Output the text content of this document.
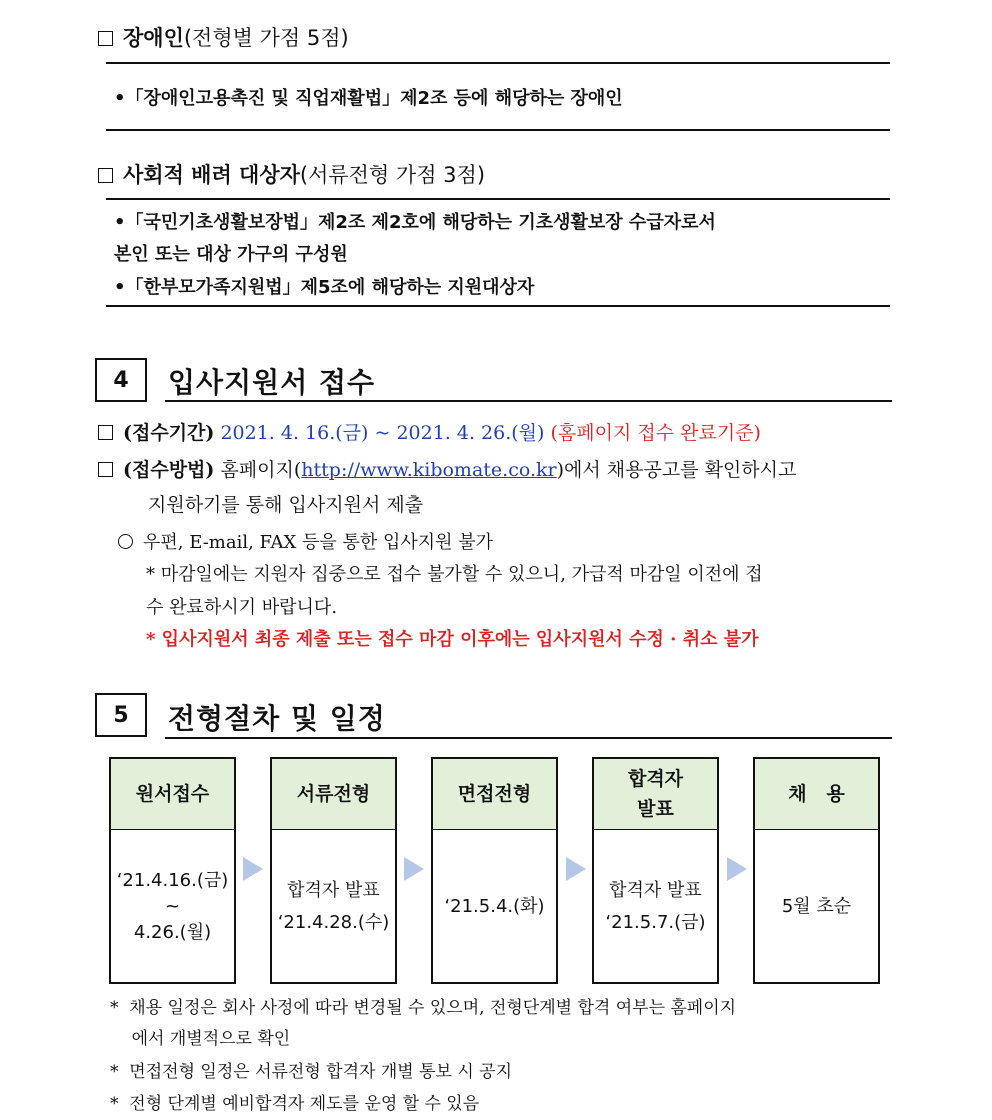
장애인(전형별 가점 5점)
•「장애인고용촉진 및 직업재활법」제2조 등에 해당하는 장애인
사회적 배려 대상자(서류전형 가점 3점)
•「국민기초생활보장법」제2조 제2호에 해당하는 기초생활보장 수급자로서
본인 또는 대상 가구의 구성원
•「한부모가족지원법」제5조에 해당하는 지원대상자
4	입사지원서 접수
(접수기간) 2021. 4. 16.(금) ~ 2021. 4. 26.(월) (홈페이지 접수 완료기준)
(접수방법) 홈페이지(http://www.kibomate.co.kr)에서 채용공고를 확인하시고
지원하기를 통해 입사지원서 제출
우편, E-mail, FAX 등을 통한 입사지원 불가
* 마감일에는 지원자 집중으로 접수 불가할 수 있으니, 가급적 마감일 이전에 접
수 완료하시기 바랍니다.
* 입사지원서 최종 제출 또는 접수 마감 이후에는 입사지원서 수정 · 취소 불가
5	전형절차 및 일정
원서접수
‘21.4.16.(금)
~
4.26.(월)
서류전형
합격자 발표
‘21.4.28.(수)
면접전형
‘21.5.4.(화)
합격자
발표
합격자 발표
‘21.5.7.(금)
채   용
5월 초순
*  채용 일정은 회사 사정에 따라 변경될 수 있으며, 전형단계별 합격 여부는 홈페이지
에서 개별적으로 확인
*  면접전형 일정은 서류전형 합격자 개별 통보 시 공지
*  전형 단계별 예비합격자 제도를 운영 할 수 있음
